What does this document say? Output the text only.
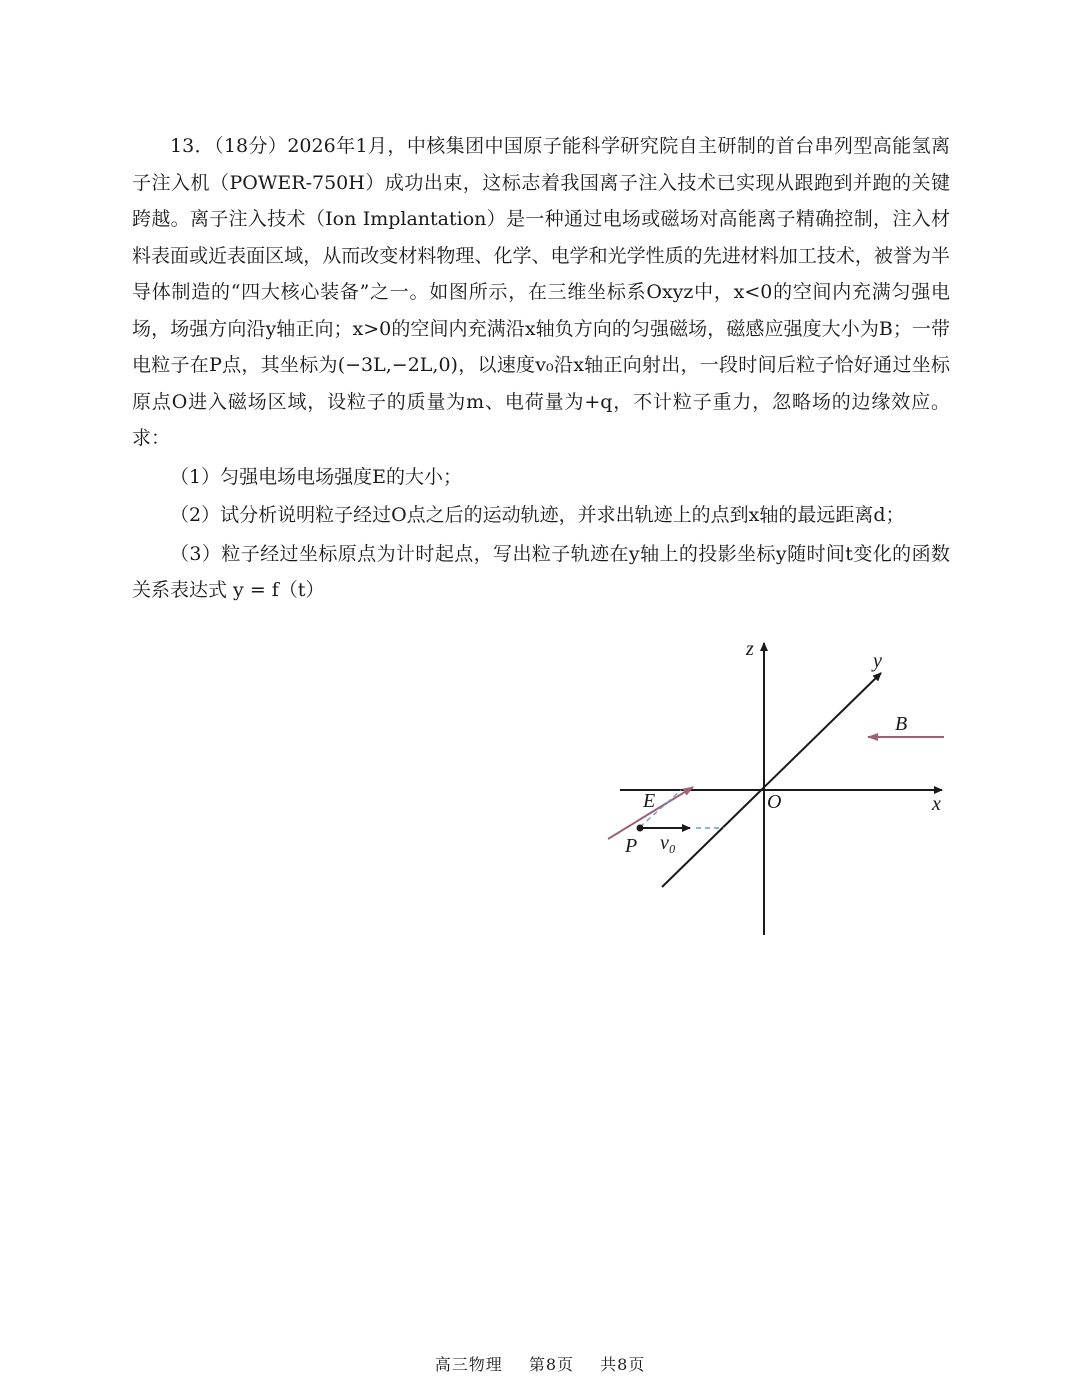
13．（18分）2026年1月，中核集团中国原子能科学研究院自主研制的首台串列型高能氢离子注入机（POWER-750H）成功出束，这标志着我国离子注入技术已实现从跟跑到并跑的关键跨越。离子注入技术（Ion Implantation）是一种通过电场或磁场对高能离子精确控制，注入材料表面或近表面区域，从而改变材料物理、化学、电学和光学性质的先进材料加工技术，被誉为半导体制造的“四大核心装备”之一。如图所示，在三维坐标系Oxyz中，x<0的空间内充满匀强电场，场强方向沿y轴正向；x>0的空间内充满沿x轴负方向的匀强磁场，磁感应强度大小为B；一带电粒子在P点，其坐标为(−3L,−2L,0)，以速度v₀沿x轴正向射出，一段时间后粒子恰好通过坐标原点O进入磁场区域，设粒子的质量为m、电荷量为+q，不计粒子重力，忽略场的边缘效应。求：

（1）匀强电场电场强度E的大小；

（2）试分析说明粒子经过O点之后的运动轨迹，并求出轨迹上的点到x轴的最远距离d；

（3）粒子经过坐标原点为计时起点，写出粒子轨迹在y轴上的投影坐标y随时间t变化的函数关系表达式 y = f（t）

x
z
y
O
B
E
P v₀
高三物理 第8页 共8页
